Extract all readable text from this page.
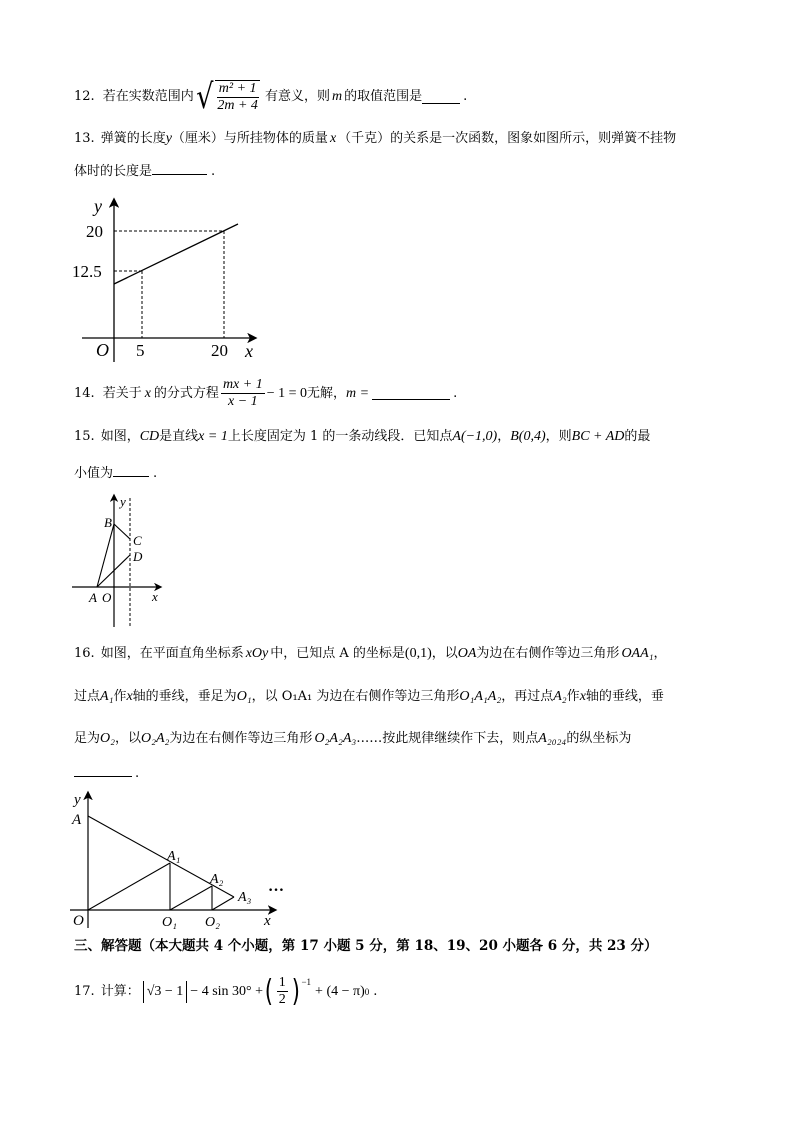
12. 若在实数范围内 √ $\frac{\text{m² + 1}}{2m + 4}$ 有意义，则 m 的取值范围是	.
13. 弹簧的长度y（厘米）与所挂物体的质量 x （千克）的关系是一次函数，图象如图所示，则弹簧不挂物
体时的长度是	.
y
20
12.5
O 5	20 x
14. 若关于 x 的分式方程 $\frac{mx + 1}{x - 1} - 1 = 0$ 无解， m =	.
15. 如图，CD是直线x = 1上长度固定为 1 的一条动线段．已知点A(−1,0)，B(0,4)，则BC + AD的最
小值为	.
y
B
C
D
A O	x
16. 如图，在平面直角坐标系 xOy 中，已知点 A 的坐标是(0,1)，以OA为边在右侧作等边三角形 OAA₁，
过点A₁作x轴的垂线，垂足为O₁，以 O₁A₁ 为边在右侧作等边三角形O₁A₁A₂，再过点A₂作x轴的垂线，垂
足为O₂，以O₂A₂为边在右侧作等边三角形 O₂A₂A₃……按此规律继续作下去，则点A₂₀₂₄的纵坐标为
.
y
A
A₁
A₂
A₃
O	O₁ O₂	x
…
三、解答题（本大题共 4 个小题，第 17 小题 5 分，第 18、19、20 小题各 6 分，共 23 分）
17. 计算： √3 − 1 − 4 sin 30° + ( $\frac{1}{2}$ ) −1
+ (4 − π) 0 .
